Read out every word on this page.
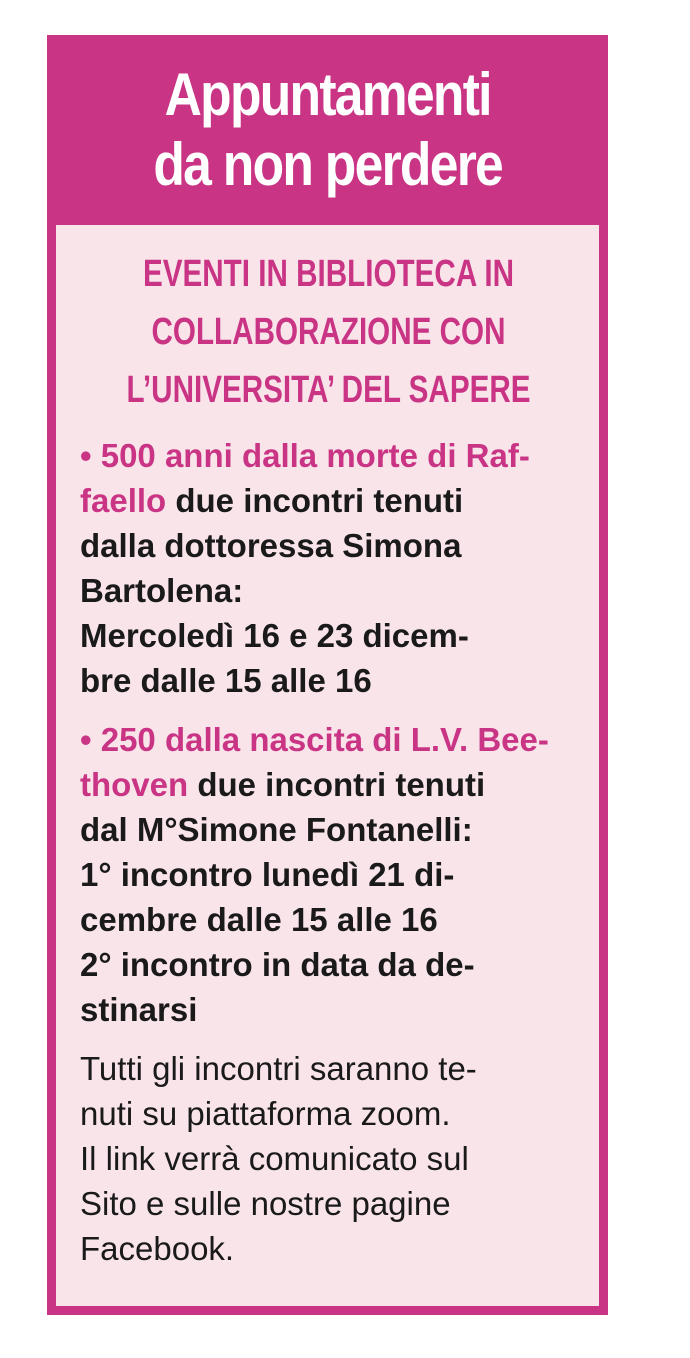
Appuntamenti
da non perdere
EVENTI IN BIBLIOTECA IN
COLLABORAZIONE CON
L’UNIVERSITA’ DEL SAPERE
• 500 anni dalla morte di Raf-
faello due incontri tenuti
dalla dottoressa Simona
Bartolena:
Mercoledì 16 e 23 dicem-
bre dalle 15 alle 16
• 250 dalla nascita di L.V. Bee-
thoven due incontri tenuti
dal M°Simone Fontanelli:
1° incontro lunedì 21 di-
cembre dalle 15 alle 16
2° incontro in data da de-
stinarsi
Tutti gli incontri saranno te-
nuti su piattaforma zoom.
Il link verrà comunicato sul
Sito e sulle nostre pagine
Facebook.
